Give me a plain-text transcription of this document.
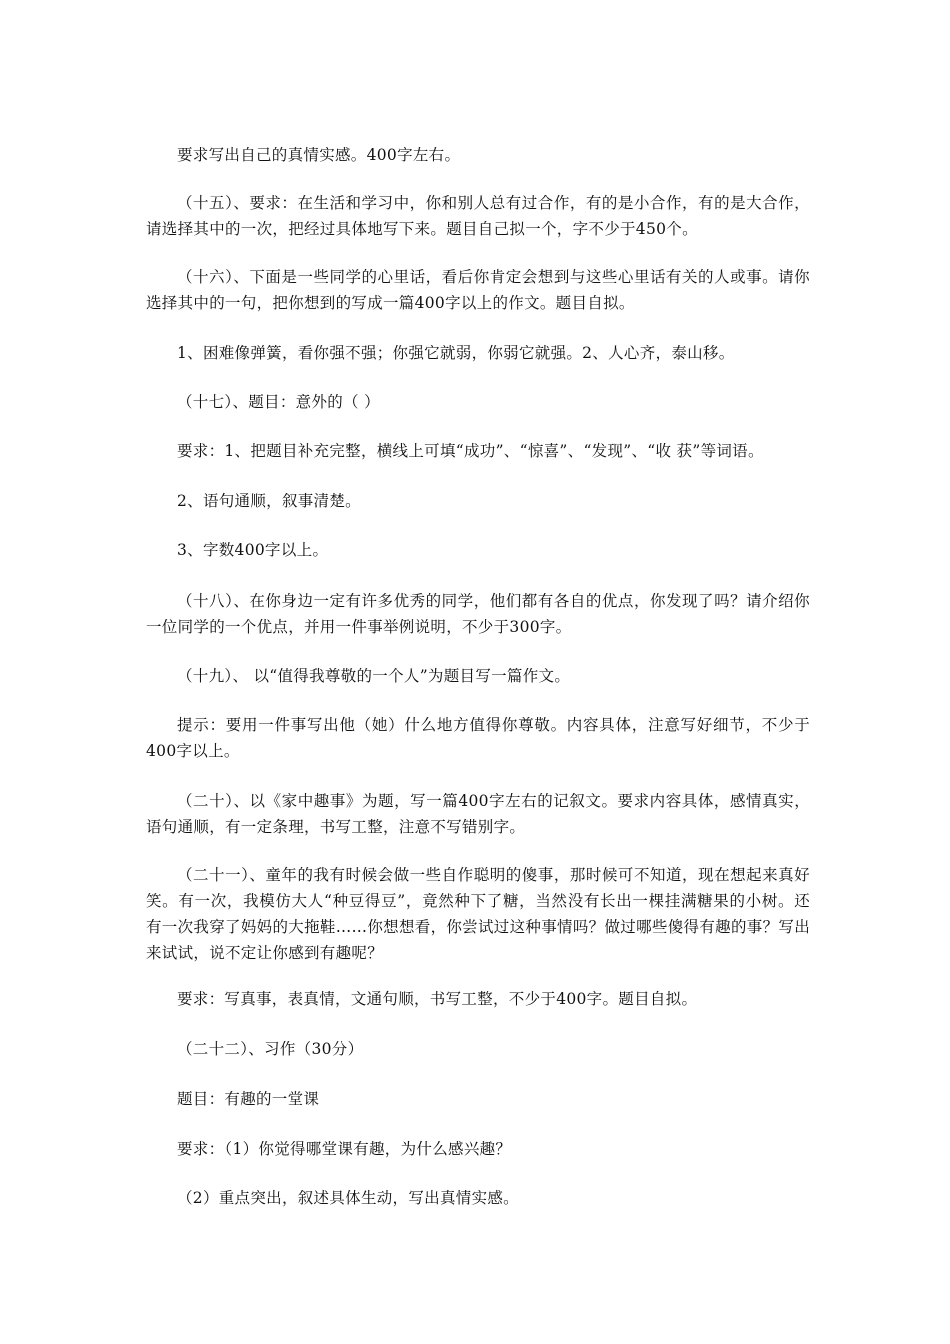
要求写出自己的真情实感。400字左右。

（十五）、要求：在生活和学习中，你和别人总有过合作，有的是小合作，有的是大合作，请选择其中的一次，把经过具体地写下来。题目自己拟一个，字不少于450个。

（十六）、下面是一些同学的心里话，看后你肯定会想到与这些心里话有关的人或事。请你选择其中的一句，把你想到的写成一篇400字以上的作文。题目自拟。

1、困难像弹簧，看你强不强；你强它就弱，你弱它就强。2、人心齐，泰山移。

（十七）、题目：意外的（ ）

要求：1、把题目补充完整，横线上可填“成功”、“惊喜”、“发现”、“收 获”等词语。

2、语句通顺，叙事清楚。

3、字数400字以上。

（十八）、在你身边一定有许多优秀的同学，他们都有各自的优点，你发现了吗？请介绍你一位同学的一个优点，并用一件事举例说明，不少于300字。

（十九）、 以“值得我尊敬的一个人”为题目写一篇作文。

提示：要用一件事写出他（她）什么地方值得你尊敬。内容具体，注意写好细节，不少于400字以上。

（二十）、以《家中趣事》为题，写一篇400字左右的记叙文。要求内容具体，感情真实，语句通顺，有一定条理，书写工整，注意不写错别字。

（二十一）、童年的我有时候会做一些自作聪明的傻事，那时候可不知道，现在想起来真好笑。有一次，我模仿大人“种豆得豆”，竟然种下了糖，当然没有长出一棵挂满糖果的小树。还有一次我穿了妈妈的大拖鞋……你想想看，你尝试过这种事情吗？做过哪些傻得有趣的事？写出来试试，说不定让你感到有趣呢？

要求：写真事，表真情，文通句顺，书写工整，不少于400字。题目自拟。

（二十二）、习作（30分）

题目：有趣的一堂课

要求：（1）你觉得哪堂课有趣，为什么感兴趣？

（2）重点突出，叙述具体生动，写出真情实感。
